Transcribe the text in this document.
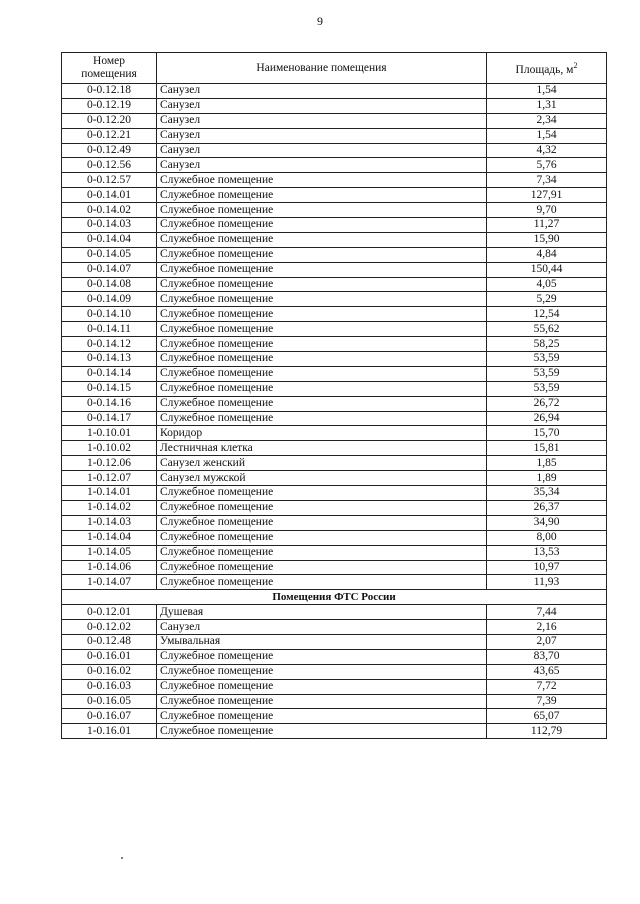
9
Номер
помещения	Наименование помещения	Площадь, $м^2$
0-0.12.18	Санузел	1,54
0-0.12.19	Санузел	1,31
0-0.12.20	Санузел	2,34
0-0.12.21	Санузел	1,54
0-0.12.49	Санузел	4,32
0-0.12.56	Санузел	5,76
0-0.12.57	Служебное помещение	7,34
0-0.14.01	Служебное помещение	127,91
0-0.14.02	Служебное помещение	9,70
0-0.14.03	Служебное помещение	11,27
0-0.14.04	Служебное помещение	15,90
0-0.14.05	Служебное помещение	4,84
0-0.14.07	Служебное помещение	150,44
0-0.14.08	Служебное помещение	4,05
0-0.14.09	Служебное помещение	5,29
0-0.14.10	Служебное помещение	12,54
0-0.14.11	Служебное помещение	55,62
0-0.14.12	Служебное помещение	58,25
0-0.14.13	Служебное помещение	53,59
0-0.14.14	Служебное помещение	53,59
0-0.14.15	Служебное помещение	53,59
0-0.14.16	Служебное помещение	26,72
0-0.14.17	Служебное помещение	26,94
1-0.10.01	Коридор	15,70
1-0.10.02	Лестничная клетка	15,81
1-0.12.06	Санузел женский	1,85
1-0.12.07	Санузел мужской	1,89
1-0.14.01	Служебное помещение	35,34
1-0.14.02	Служебное помещение	26,37
1-0.14.03	Служебное помещение	34,90
1-0.14.04	Служебное помещение	8,00
1-0.14.05	Служебное помещение	13,53
1-0.14.06	Служебное помещение	10,97
1-0.14.07	Служебное помещение	11,93
Помещения ФТС России		
0-0.12.01	Душевая	7,44
0-0.12.02	Санузел	2,16
0-0.12.48	Умывальная	2,07
0-0.16.01	Служебное помещение	83,70
0-0.16.02	Служебное помещение	43,65
0-0.16.03	Служебное помещение	7,72
0-0.16.05	Служебное помещение	7,39
0-0.16.07	Служебное помещение	65,07
1-0.16.01	Служебное помещение	112,79
